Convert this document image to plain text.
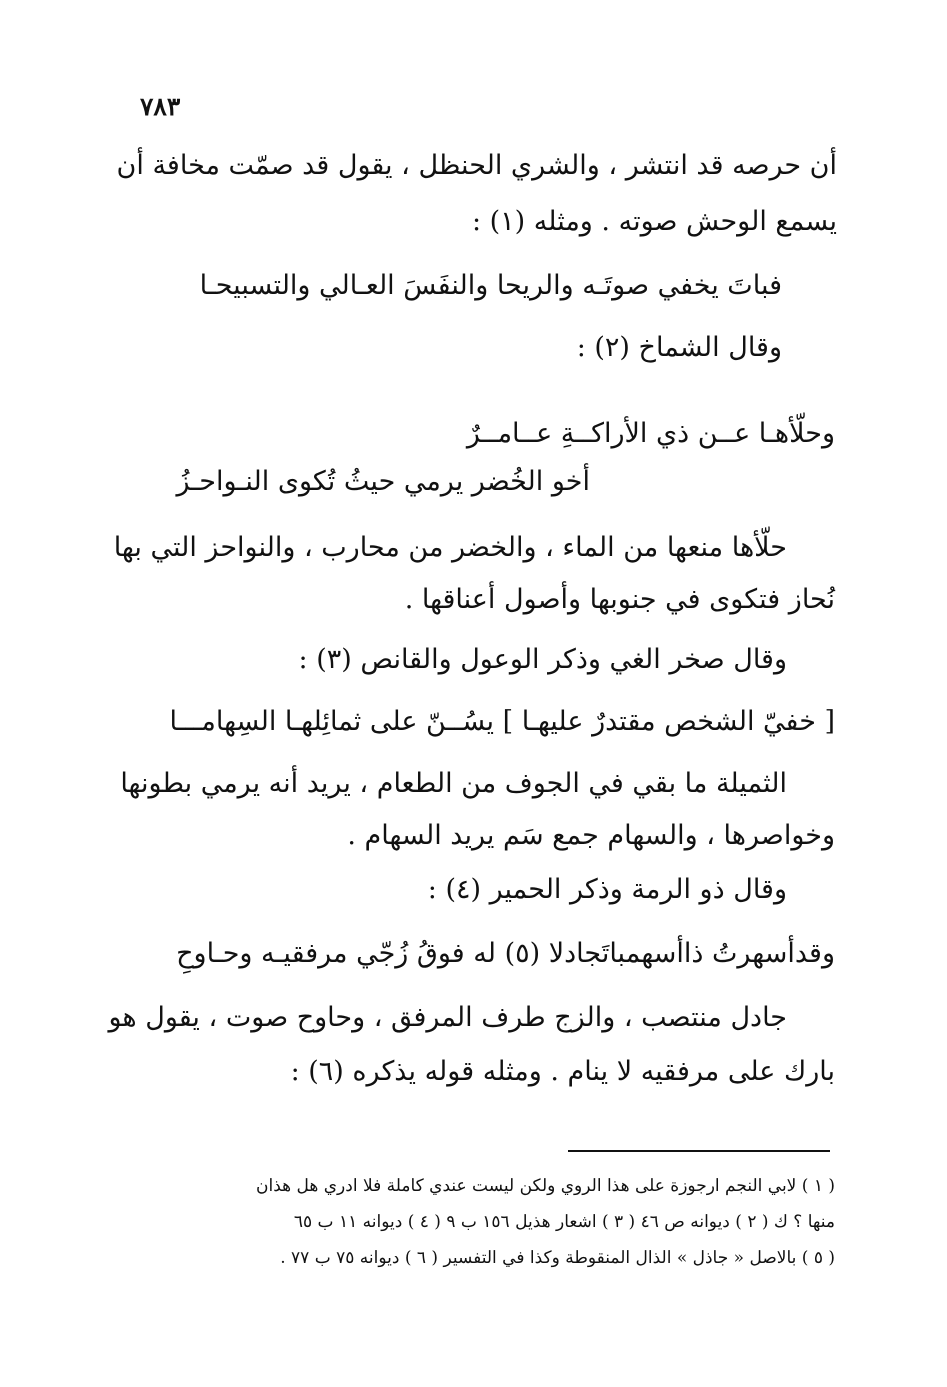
٧٨٣
أن حرصه قد انتشر ، والشري الحنظل ، يقول قد صمّت مخافة أن
يسمع الوحش صوته . ومثله (١) :
فباتَ يخفي صوتَـه والريحا والنفَسَ العـالي والتسبيحـا
وقال الشماخ (٢) :
وحلّأهـا عــن ذي الأراكــةِ عــامــرٌ
أخو الخُضر يرمي حيثُ تُكوى النـواحـزُ
حلّأها منعها من الماء ، والخضر من محارب ، والنواحز التي بها
نُحاز فتكوى في جنوبها وأصول أعناقها .
وقال صخر الغي وذكر الوعول والقانص (٣) :
[ خفيّ الشخص مقتدرٌ عليهـا ] يسُــنّ على ثمائِلهـا السِهامـــا
الثميلة ما بقي في الجوف من الطعام ، يريد أنه يرمي بطونها
وخواصرها ، والسهام جمع سَم يريد السهام .
وقال ذو الرمة وذكر الحمير (٤) :
وقدأسهرتُ ذاأسهمباتَجادلا (٥) له فوقُ زُجّي مرفقيـه وحـاوحِ
جادل منتصب ، والزج طرف المرفق ، وحاوح صوت ، يقول هو
بارك على مرفقيه لا ينام . ومثله قوله يذكره (٦) :
( ١ ) لابي النجم ارجوزة على هذا الروي ولكن ليست عندي كاملة فلا ادري هل هذان
منها ؟ ك ( ٢ ) ديوانه ص ٤٦ ( ٣ ) اشعار هذيل ١٥٦ ب ٩ ( ٤ ) ديوانه ١١ ب ٦٥
( ٥ ) بالاصل « جاذل » الذال المنقوطة وكذا في التفسير ( ٦ ) ديوانه ٧٥ ب ٧٧ .
